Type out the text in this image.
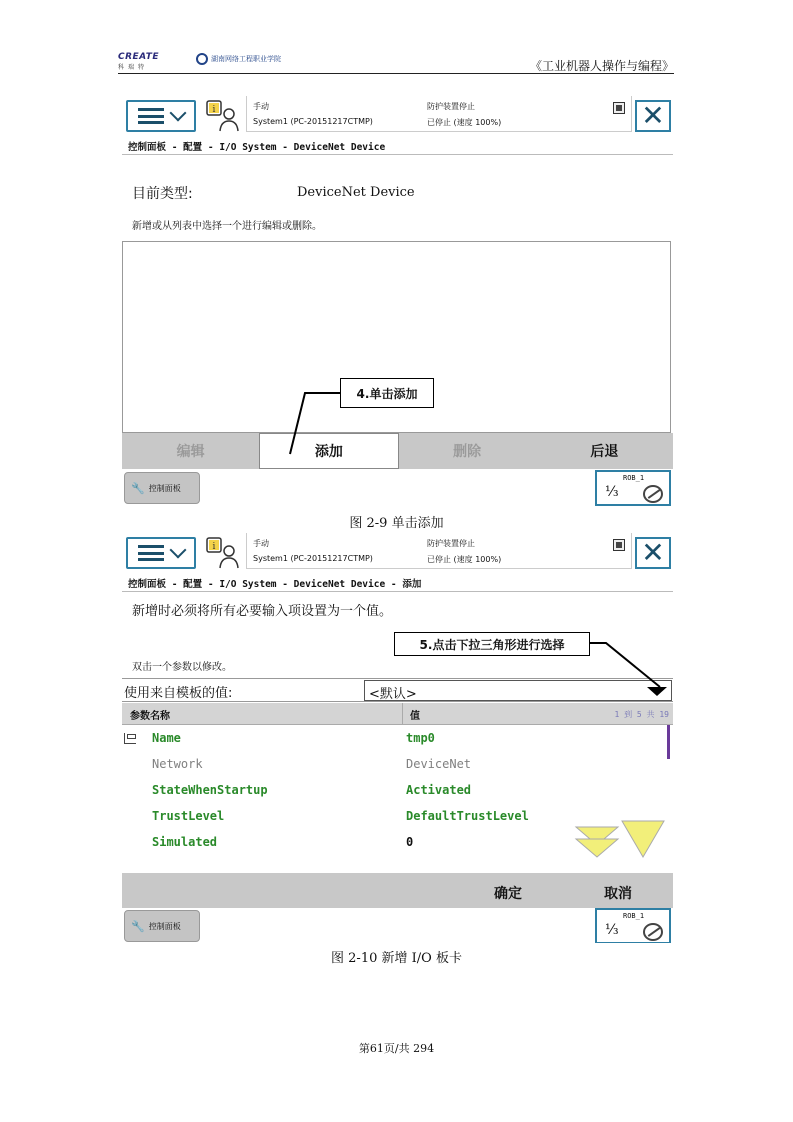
CREATE
科瑞特
湖南网络工程职业学院	《工业机器人操作与编程》
i	手动
System1 (PC-20151217CTMP)
防护装置停止
已停止 (速度 100%)	✕
控制面板 - 配置 - I/O System - DeviceNet Device
目前类型:	DeviceNet Device
新增或从列表中选择一个进行编辑或删除。
编辑	添加	删除	后退
🔧 控制面板
ROB_1
⅓
4.单击添加
图 2-9 单击添加
i	手动
System1 (PC-20151217CTMP)
防护装置停止
已停止 (速度 100%)	✕
控制面板 - 配置 - I/O System - DeviceNet Device - 添加
新增时必须将所有必要输入项设置为一个值。
双击一个参数以修改。
使用来自模板的值:	<默认>
参数名称	值	1 到 5 共 19
Name	tmp0
Network	DeviceNet
StateWhenStartup	Activated
TrustLevel	DefaultTrustLevel
Simulated	0
确定	取消
🔧 控制面板
ROB_1
⅓
5.点击下拉三角形进行选择
图 2-10 新增 I/O 板卡
第61页/共 294
